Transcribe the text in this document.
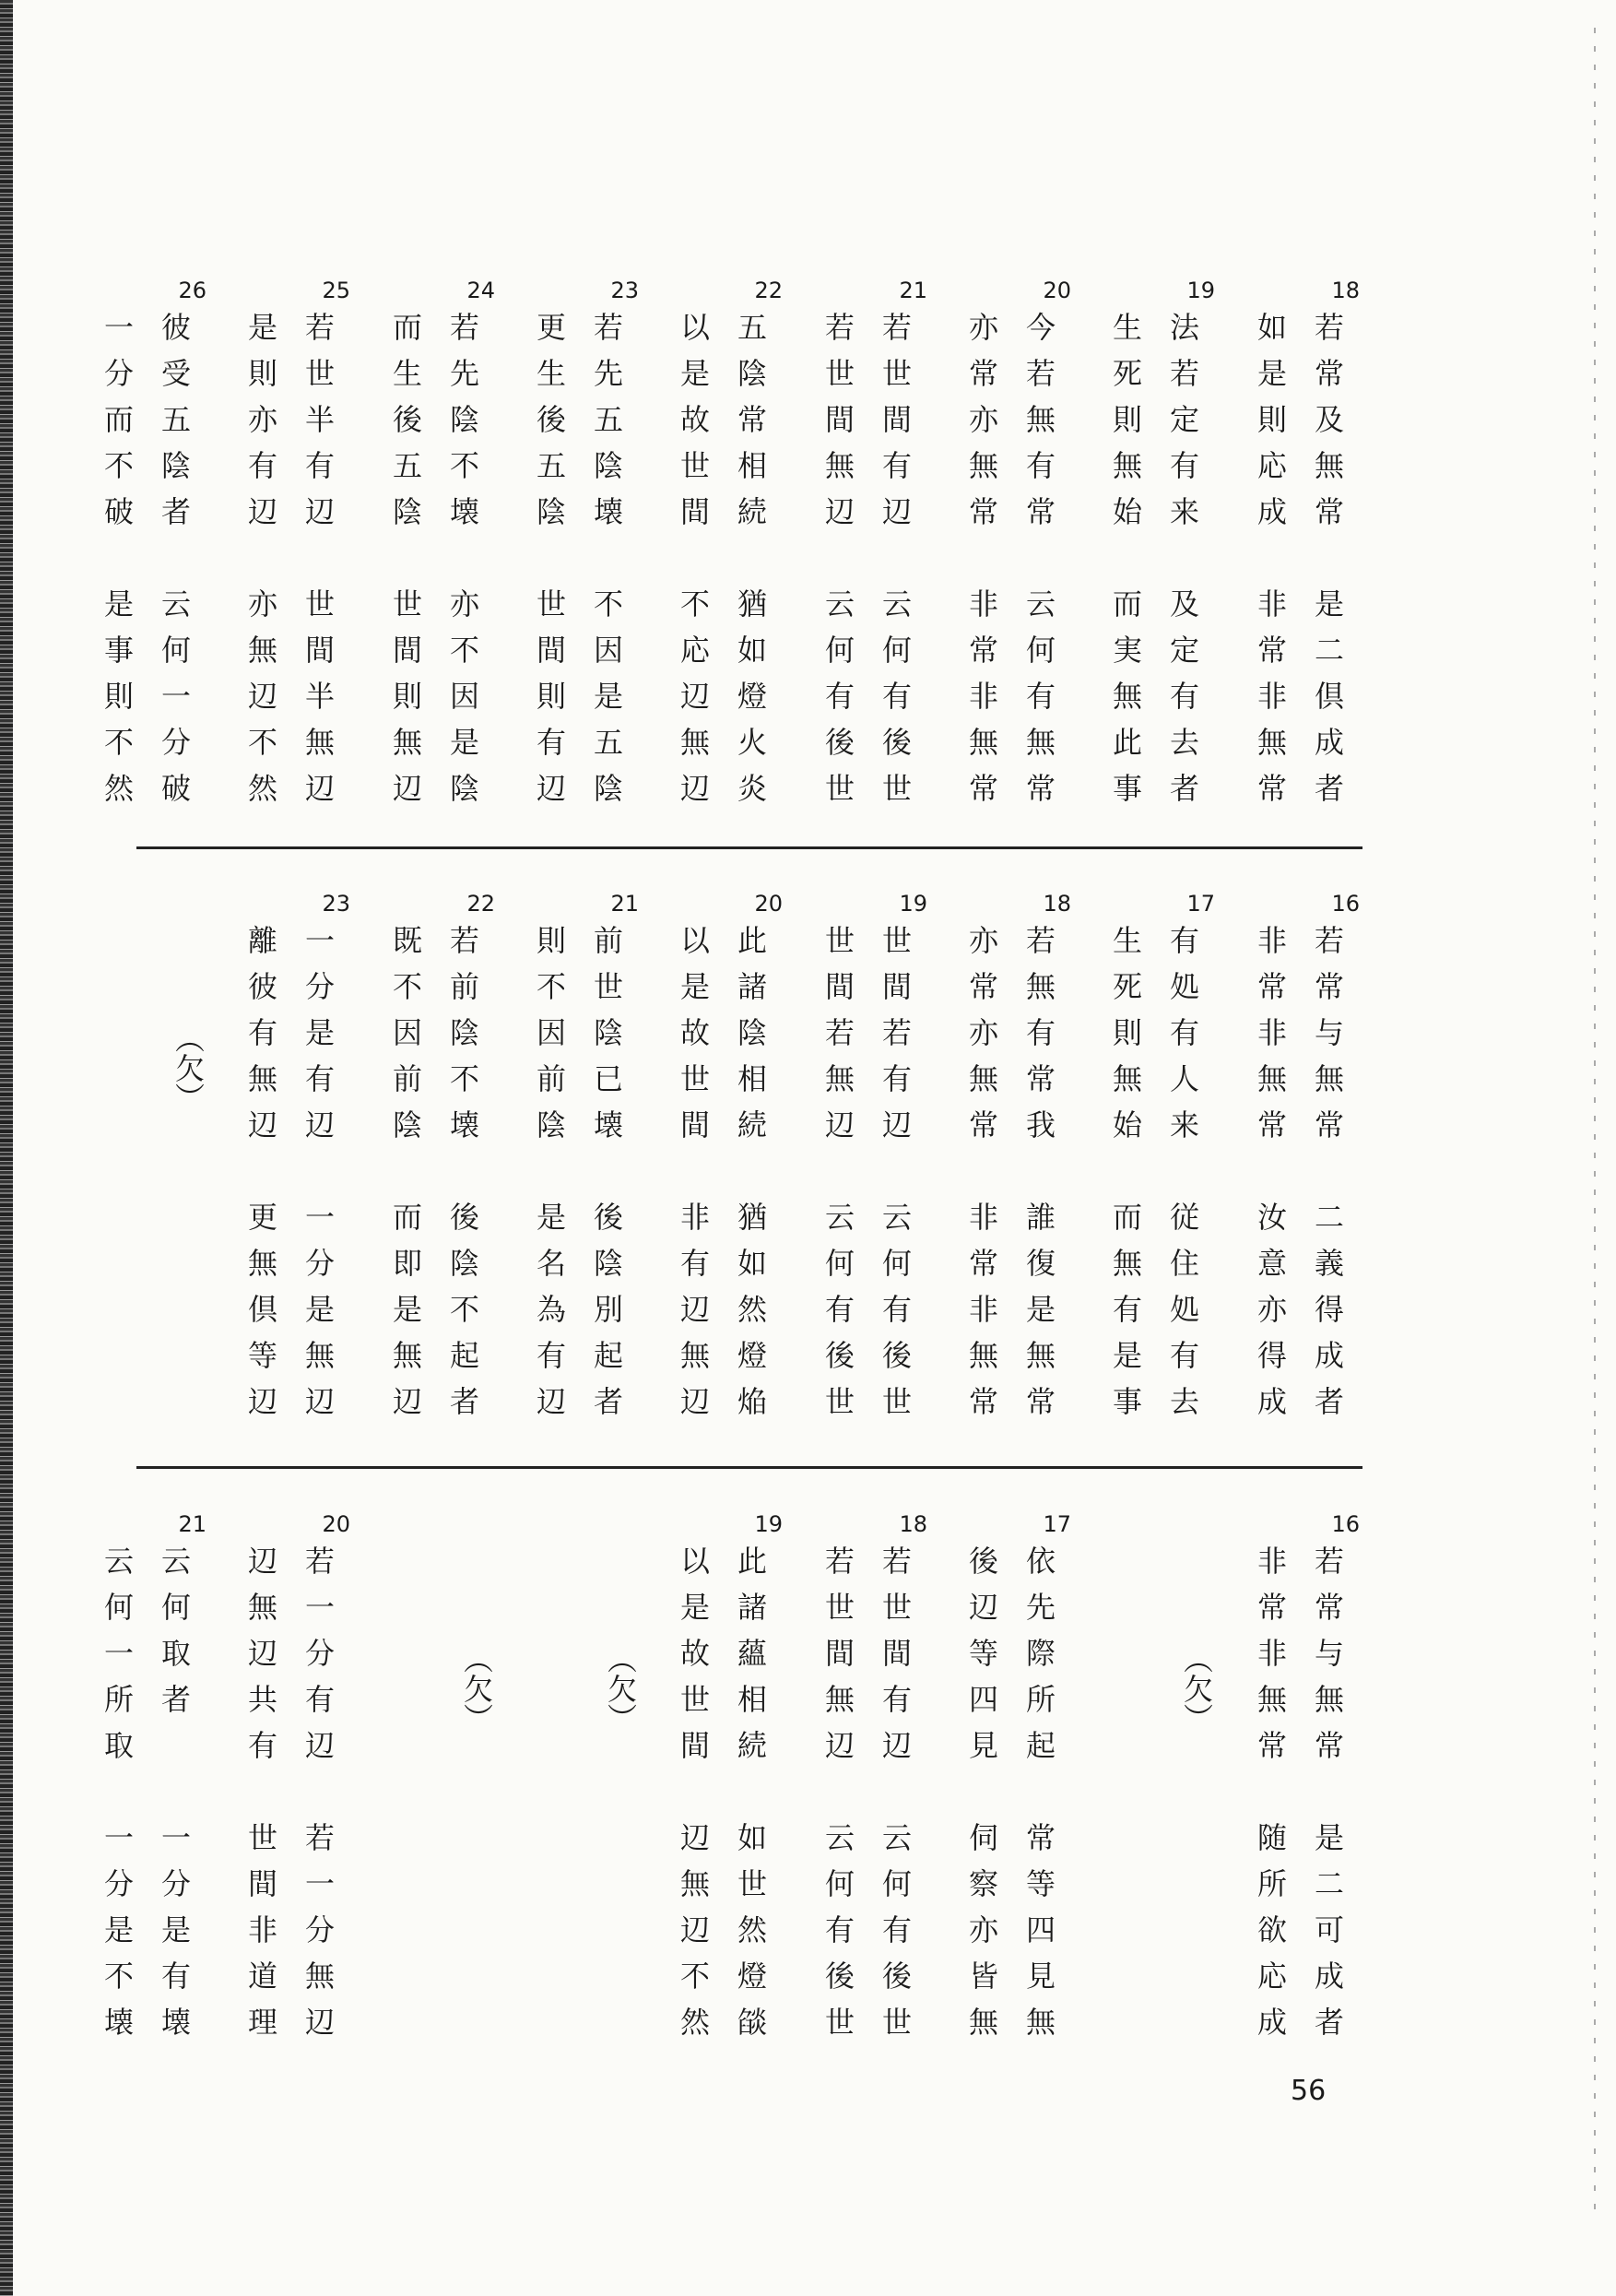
18
若
常
及
無
常
如
是
則
応
成
是
二
倶
成
者
非
常
非
無
常
19
法
若
定
有
来
生
死
則
無
始
及
定
有
去
者
而
実
無
此
事
20
今
若
無
有
常
亦
常
亦
無
常
云
何
有
無
常
非
常
非
無
常
21
若
世
間
有
辺
若
世
間
無
辺
云
何
有
後
世
云
何
有
後
世
22
五
陰
常
相
続
以
是
故
世
間
猶
如
燈
火
炎
不
応
辺
無
辺
23
若
先
五
陰
壊
更
生
後
五
陰
不
因
是
五
陰
世
間
則
有
辺
24
若
先
陰
不
壊
而
生
後
五
陰
亦
不
因
是
陰
世
間
則
無
辺
25
若
世
半
有
辺
是
則
亦
有
辺
世
間
半
無
辺
亦
無
辺
不
然
26
彼
受
五
陰
者
一
分
而
不
破
云
何
一
分
破
是
事
則
不
然
16
若
常
与
無
常
非
常
非
無
常
二
義
得
成
者
汝
意
亦
得
成
17
有
処
有
人
来
生
死
則
無
始
従
住
処
有
去
而
無
有
是
事
18
若
無
有
常
我
亦
常
亦
無
常
誰
復
是
無
常
非
常
非
無
常
19
世
間
若
有
辺
世
間
若
無
辺
云
何
有
後
世
云
何
有
後
世
20
此
諸
陰
相
続
以
是
故
世
間
猶
如
然
燈
焔
非
有
辺
無
辺
21
前
世
陰
已
壊
則
不
因
前
陰
後
陰
別
起
者
是
名
為
有
辺
22
若
前
陰
不
壊
既
不
因
前
陰
後
陰
不
起
者
而
即
是
無
辺
23
一
分
是
有
辺
離
彼
有
無
辺
一
分
是
無
辺
更
無
倶
等
辺
（欠）
16
若
常
与
無
常
非
常
非
無
常
是
二
可
成
者
随
所
欲
応
成
（欠）
17
依
先
際
所
起
後
辺
等
四
見
常
等
四
見
無
伺
察
亦
皆
無
18
若
世
間
有
辺
若
世
間
無
辺
云
何
有
後
世
云
何
有
後
世
19
此
諸
蘊
相
続
以
是
故
世
間
如
世
然
燈
燄
辺
無
辺
不
然
（欠）
（欠）
20
若
一
分
有
辺
辺
無
辺
共
有
若
一
分
無
辺
世
間
非
道
理
21
云
何
取
者
云
何
一
所
取
一
分
是
有
壊
一
分
是
不
壊
56
